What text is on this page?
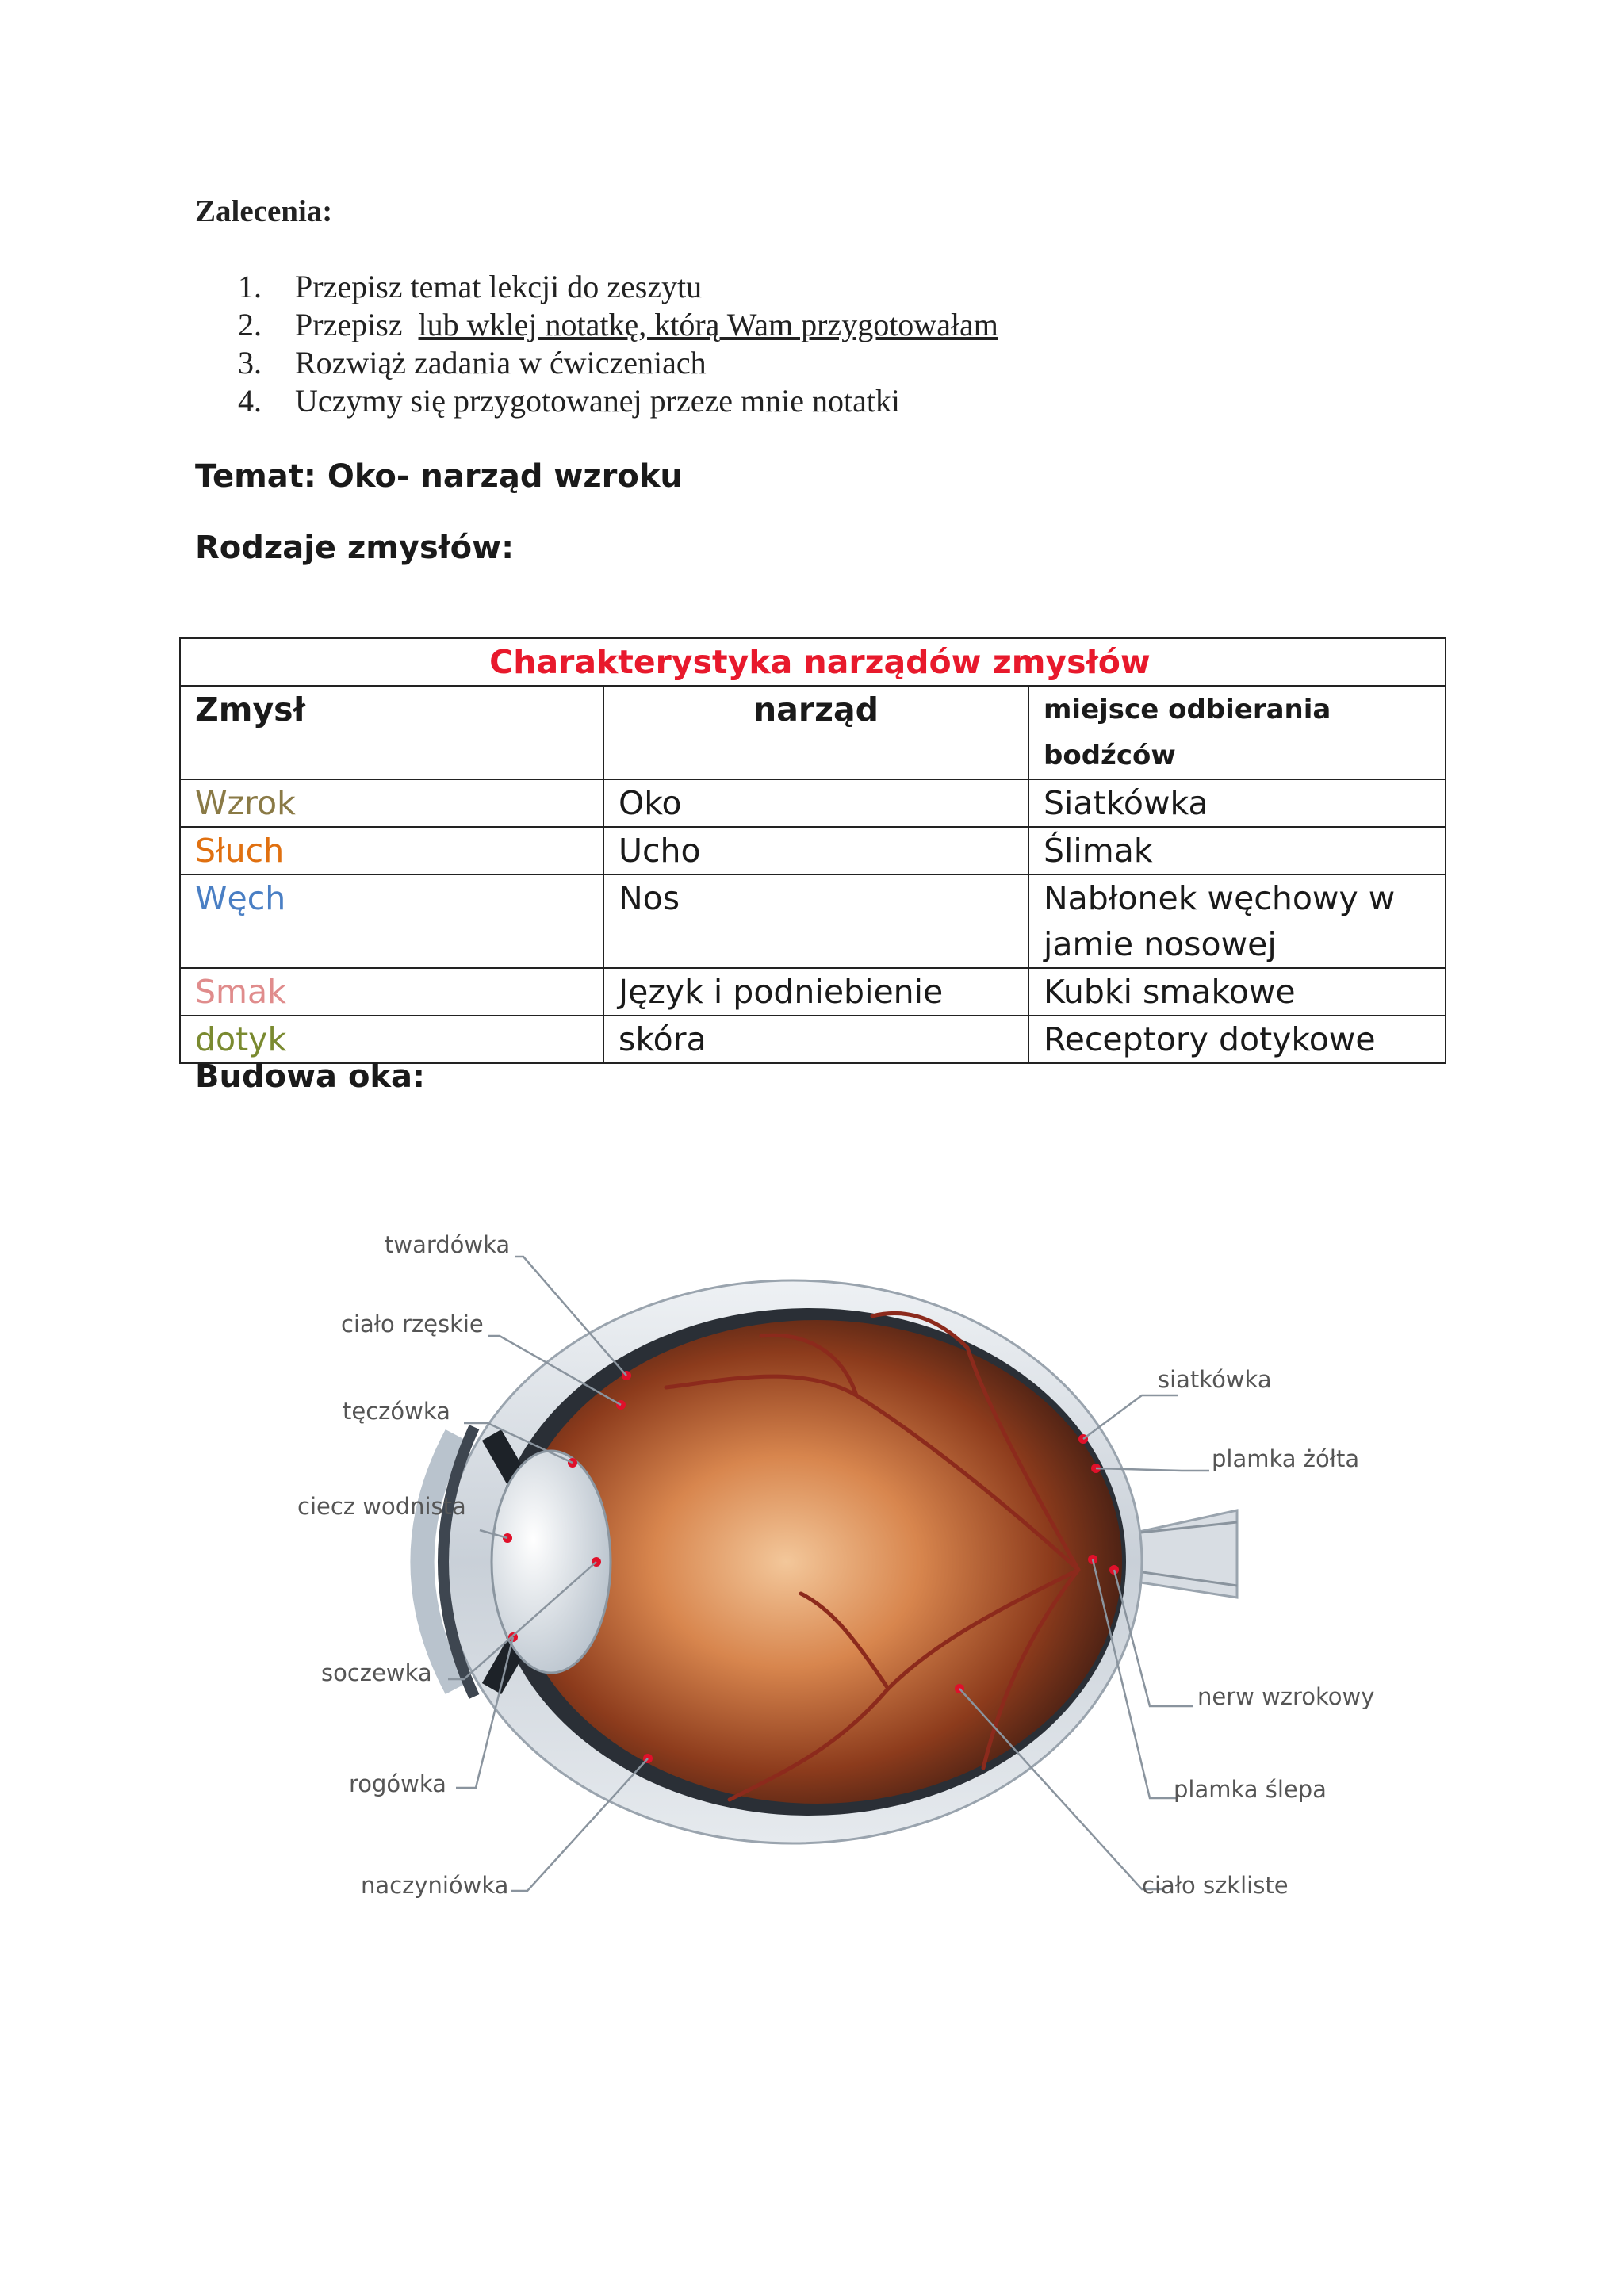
Zalecenia:
1.	Przepisz temat lekcji do zeszytu
2.	Przepisz  lub wklej notatkę, którą Wam przygotowałam
3.	Rozwiąż zadania w ćwiczeniach
4.	Uczymy się przygotowanej przeze mnie notatki
Temat: Oko- narząd wzroku
Rodzaje zmysłów:
Charakterystyka narządów zmysłów		
Zmysł	narząd	miejsce odbierania bodźców
Wzrok	Oko	Siatkówka
Słuch	Ucho	Ślimak
Węch	Nos	Nabłonek węchowy w jamie nosowej
Smak	Język i podniebienie	Kubki smakowe
dotyk	skóra	Receptory dotykowe
Budowa oka:
twardówka
ciało rzęskie
tęczówka
ciecz wodnista
soczewka
rogówka
naczyniówka
siatkówka
plamka żółta
nerw wzrokowy
plamka ślepa
ciało szkliste
